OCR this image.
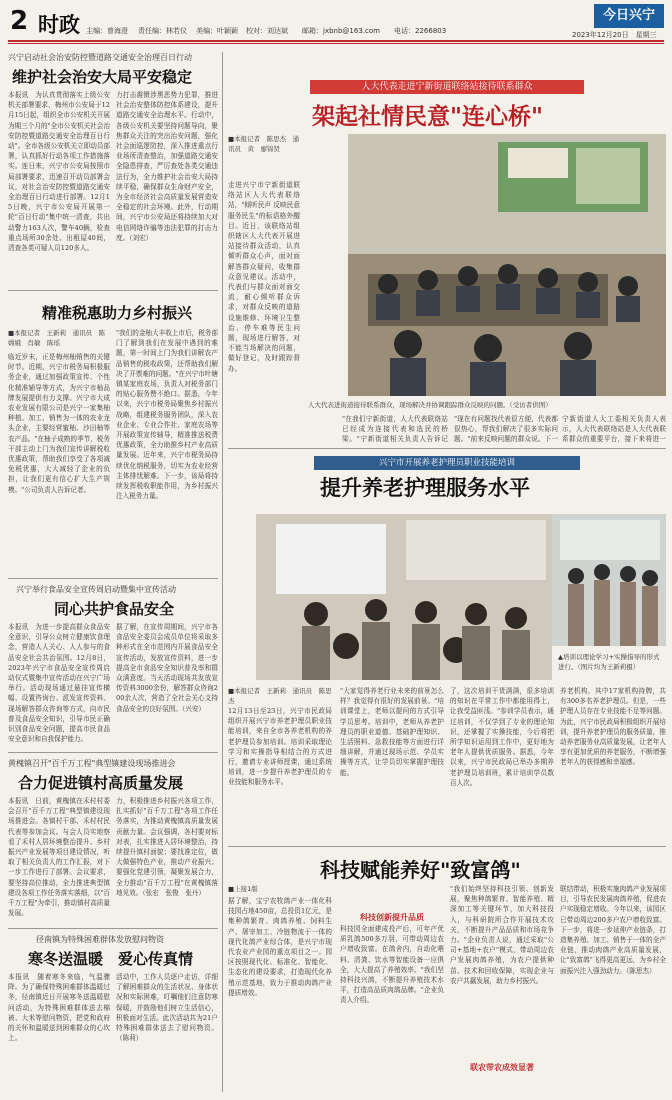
2 时政 主编：曾海澄 责任编：林若仪 美编：叶颖颖 校对：刘达斌 邮箱：jxbnb@163.com 电话：2266803	2023年12月20日　星期三
今日兴宁
兴宁启动社会治安防控暨道路交通安全治理百日行动
维护社会治安大局平安稳定
本报讯　为认真贯彻落实上级公安机关部署要求，梅州市公安局于12月15日起，组织全市公安机关开展为期三个月的"全市公安机关社会治安防控暨道路交通安全治理百日行动"。全市各级公安机关立即动员部署，认真抓好行动各项工作措施落实。连日来，兴宁市公安局按照市局部署要求，迅速召开动员部署会议，对社会治安防控暨道路交通安全治理百日行动进行部署。12月15日晚，兴宁市公安局开展第一轮"百日行动"集中统一清查，共出动警力163人次，警车40辆，检查重点场所30余处、出租屋40间，清查各类可疑人员120多人。
力打击震慑涉黑恶势力犯罪，推进社会治安整体防控体系建设，提升道路交通安全治理水平。行动中，各级公安机关要坚持问题导向，聚焦群众关注的突出治安问题，强化社会面巡逻防控，深入推进重点行业场所清查整治，加强道路交通安全隐患排查，严厉查处各类交通违法行为，全力维护社会治安大局持续平稳，确保群众生命财产安全，为全市经济社会高质量发展营造安全稳定的社会环境。此外，行动期间，兴宁市公安局还将持续加大对电信网络诈骗等违法犯罪的打击力度。（刘宏）
精准税惠助力乡村振兴
■本报记者　王新莉　通讯员　陈嫦娥　肖敏　陈瑶
临近岁末，正是梅州柚销售的关键时节。近期，兴宁市税务局积极服务企业，通过加强政策宣传、个性化精准辅导等方式，为兴宁市柚品牌发展提供有力支撑。兴宁市大成农业发展有限公司是兴宁一家集柚种植、加工、销售为一体的农业龙头企业，主要经营蜜柚、沙田柚等农产品。"在柚子成熟的季节，税务干部主动上门为我们宣传讲解税收优惠政策，帮助我们享受了各项减免税优惠，大大减轻了企业的负担，让我们更有信心扩大生产规模。"公司负责人告诉记者。
"我们的金柚大丰收上市后，税务部门了解到我们在发展中遇到的难题，第一时间上门为我们讲解农产品销售的税收政策，还帮助我们解决了开票难的问题。"在兴宁市叶塘镇某家庭农场，负责人对税务部门的贴心服务赞不绝口。据悉，今年以来，兴宁市税务局聚焦乡村振兴战略，组建税务服务团队，深入农业企业、专业合作社、家庭农场等开展政策宣传辅导，精准推送税费优惠政策，全力助推乡村产业高质量发展。近年来，兴宁市税务局持续优化纳税服务，切实为农业经营主体排忧解难。下一步，该局将持续发挥税收职能作用，为乡村振兴注入税务力量。
兴宁举行食品安全宣传周启动暨集中宣传活动
同心共护食品安全
本报讯　为进一步提高群众食品安全意识，引导公众树立健康饮食理念，营造人人关心、人人参与的食品安全社会共治氛围。12月8日，2023年兴宁市食品安全宣传周启动仪式暨集中宣传活动在兴宁广场举行。活动现场通过悬挂宣传横幅、设置咨询台、派发宣传资料、现场解答群众咨询等方式，向市民普及食品安全知识，引导市民正确识别食品安全问题，提高市民食品安全意识和自我保护能力。
据了解，在宣传周期间，兴宁市各食品安全委员会成员单位将采取多种形式在全市范围内开展食品安全宣传活动，发放宣传资料，进一步提高全市食品安全知识普及率和群众满意度。当天活动现场共发放宣传资料3000余份，解答群众咨询200余人次，营造了全社会关心支持食品安全的良好氛围。（兴安）
黄槐镇召开"百千万工程"典型镇建设现场推进会
合力促进镇村高质量发展
本报讯　日前，黄槐镇在禾村村委会召开"百千万工程"典型镇建设现场推进会。各镇村干部、禾村村民代表等参加会议。与会人员实地察看了禾村人居环境整治提升、乡村振兴产业发展等项目建设情况，听取了相关负责人的工作汇报，对下一步工作进行了部署。会议要求，要坚持高位推动，全力推进典型镇建设各项工作任务落实落细，以"百千万工程"为牵引，推动镇村高质量发展。
力，积极推进乡村振兴各项工作，扎实抓好"百千万工程"各项工作任务落实，为推动黄槐镇高质量发展贡献力量。会议强调，各村要对标对表，扎实推进人居环境整治，持续提升镇村面貌；要找准定位，做大做强特色产业，推动产业振兴；要强化党建引领，凝聚发展合力，全力推动"百千万工程"在黄槐镇落地见效。（张宏　张俊　张丹）
径南镇为特殊困难群体发放慰问物资
寒冬送温暖　爱心传真情
本报讯　随着寒冬来临，气温骤降。为了确保特殊困难群体温暖过冬，径南镇近日开展寒冬送温暖慰问活动，为特殊困难群体送去棉被、大米等慰问物资，把党和政府的关怀和温暖送到困难群众的心坎上。
活动中，工作人员逐户走访，详细了解困难群众的生活状况、身体状况和实际困难，叮嘱他们注意防寒保暖，并鼓励他们树立生活信心，积极面对生活。此次活动共为21户特殊困难群体送去了慰问物资。（陈莉）
人大代表走进宁新街道联络站接待联系群众
架起社情民意"连心桥"
■本报记者　陈思杰　通讯员　黄　廖锦贤
走进兴宁市宁新街道联络站区人大代表联络站，"倾听民声 反映民意 服务民生"的标语格外醒目。近日，该联络站组织辖区人大代表开展进站接待群众活动，认真倾听群众心声，面对面解答群众疑问，收集群众意见建议。活动中，代表们与群众面对面交流，耐心倾听群众诉求，对群众反映的道路设施维修、环境卫生整治、停车难等民生问题，现场进行解答，对不能当场解决的问题，做好登记，及时跟踪督办。
人大代表进街道接待联系群众，现场解决并协调跟踪群众反映的问题。（受访者供图）
"在我们宁新街道，人大代表联络站已经成为连接代表和选民的桥梁。"宁新街道相关负责人告诉记
"现在有问题找代表很方便，代表都很热心，帮我们解决了很多实际问题。"前来反映问题的群众说。下一
宁新街道人大工委相关负责人表示，人大代表联络站是人大代表联系群众的重要平台，接下来将进一
兴宁市开展养老护理员职业技能培训
提升养老护理服务水平
▲培训以理论学习+实操指导的形式进行。（图片均为王新莉摄）
■本报记者　王新莉　通讯员　陈思杰
12月13日至23日，兴宁市民政局组织开展兴宁市养老护理员职业技能培训，来自全市各养老机构的养老护理员参加培训。培训采取理论学习和实操指导相结合的方式进行，邀请专业讲师授课，通过系统培训，进一步提升养老护理员的专业技能和服务水平。
"大家觉得养老行业未来的前景怎么样？我觉得有很好的发展前景。"培训课堂上，老师以提问的方式引导学员思考。培训中，老师从养老护理员的职业道德、基础护理知识、生活照料、急救技能等方面进行详细讲解，并通过现场示范、学员实操等方式，让学员切实掌握护理技能。
了，这次培训干货满满，很多培训的知识在平常工作中都能用得上，让我受益匪浅。"参训学员表示，通过培训，不仅学到了专业的理论知识，还掌握了实操技能，今后将把所学知识运用到工作中，更好地为老年人提供优质服务。据悉，今年以来，兴宁市民政局已举办多期养老护理员培训班，累计培训学员数百人次。
养老机构，其中17家机构持牌，共有300多名养老护理员。但是，一些护理人员存在专业技能不足等问题。为此，兴宁市民政局积极组织开展培训，提升养老护理员的服务质量，推动养老服务业高质量发展，让老年人享有更加优质的养老服务，不断增强老年人的获得感和幸福感。
科技赋能养好"致富鸽"
■上接1版
据了解，宝宁农牧鸽产业一体化科技园占地450亩，总投资1亿元，是集种鸽繁育、肉鸽养殖、饲料生产、屠宰加工、冷链物流于一体的现代化鸽产业综合体，是兴宁市现代农业产业园的重点项目之一。园区按照现代化、标准化、智能化、生态化的建设要求，打造现代化养殖示范基地，致力于推动肉鸽产业提质增效。
科技创新提升品质
科技园全面建成投产后，可年产优质乳鸽500多万羽，可带动周边农户增收致富。在鸽舍内，自动化喂料、清粪、饮水等智能设备一应俱全，大大提高了养殖效率。"我们坚持科技兴鸽，不断提升养殖技术水平，打造高品质肉鸽品牌。"企业负责人介绍。
"我们始终坚持科技引领、创新发展，聚焦种鸽繁育、智能养殖、精深加工等关键环节，加大科技投入，与科研院所合作开展技术攻关，不断提升产品品质和市场竞争力。"企业负责人说，通过采取"公司+基地+农户"模式，带动周边农户发展肉鸽养殖，为农户提供种苗、技术和回收保障，实现企业与农户共赢发展，助力乡村振兴。
联农带农成效显著
联结带动，积极实施肉鸽产业发展项目，引导农民发展肉鸽养殖，促进农户实现稳定增收。今年以来，该园区已带动周边200多户农户增收致富。下一步，将进一步延伸产业链条，打造集养殖、加工、销售于一体的全产业链，推动肉鸽产业高质量发展，让"致富鸽"飞得更高更远，为乡村全面振兴注入强劲动力。（陈思杰）
